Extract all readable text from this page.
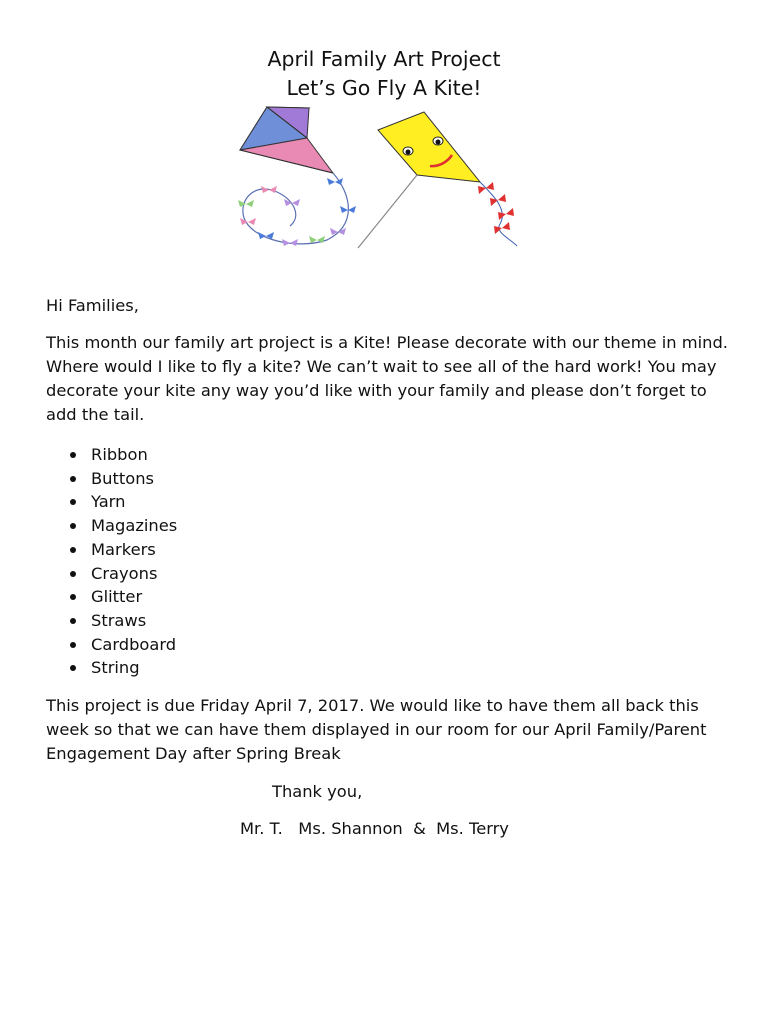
April Family Art Project
Let’s Go Fly A Kite!

Hi Families,

This month our family art project is a Kite! Please decorate with our theme in mind. Where would I like to fly a kite? We can’t wait to see all of the hard work! You may decorate your kite any way you’d like with your family and please don’t forget to add the tail.

Ribbon
Buttons
Yarn
Magazines
Markers
Crayons
Glitter
Straws
Cardboard
String

This project is due Friday April 7, 2017. We would like to have them all back this week so that we can have them displayed in our room for our April Family/Parent Engagement Day after Spring Break

Thank you,

Mr. T.   Ms. Shannon  &  Ms. Terry
